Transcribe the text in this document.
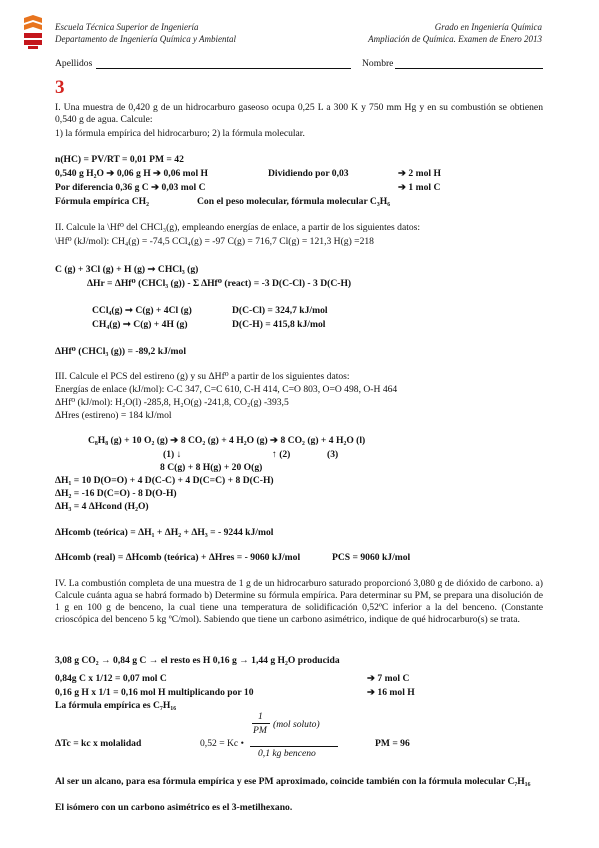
Escuela Técnica Superior de Ingeniería
Departamento de Ingeniería Química y Ambiental
Grado en Ingeniería Química
Ampliación de Química. Examen de Enero 2013
Apellidos	Nombre
3
I. Una muestra de 0,420 g de un hidrocarburo gaseoso ocupa 0,25 L a 300 K y 750 mm Hg y en su combustión se obtienen 0,540 g de agua. Calcule:
1) la fórmula empírica del hidrocarburo; 2) la fórmula molecular.
n(HC) = PV/RT = 0,01 PM = 42
0,540 g H₂O ➔ 0,06 g H ➔ 0,06 mol H	Dividiendo por 0,03	➔ 2 mol H
Por diferencia 0,36 g C ➔ 0,03 mol C	➔ 1 mol C
Fórmula empírica CH₂	Con el peso molecular, fórmula molecular C₃H₆
II. Calcule la \Hf⁰ del CHCl₃(g), empleando energías de enlace, a partir de los siguientes datos:
\Hf⁰ (kJ/mol): CH₄(g) = -74,5 CCl₄(g) = -97 C(g) = 716,7 Cl(g) = 121,3 H(g) =218
C (g) + 3Cl (g) + H (g) ➞ CHCl₃ (g)
ΔHr = ΔHf⁰ (CHCl₃ (g)) - Σ ΔHf⁰ (react) = -3 D(C-Cl) - 3 D(C-H)
CCl₄(g) ➞ C(g) + 4Cl (g)	D(C-Cl) = 324,7 kJ/mol
CH₄(g) ➞ C(g) + 4H (g)	D(C-H) = 415,8 kJ/mol
ΔHf⁰ (CHCl₃ (g)) = -89,2 kJ/mol
III. Calcule el PCS del estireno (g) y su ΔHf⁰ a partir de los siguientes datos:
Energías de enlace (kJ/mol): C-C 347, C=C 610, C-H 414, C=O 803, O=O 498, O-H 464
ΔHf⁰ (kJ/mol): H₂O(l) -285,8, H₂O(g) -241,8, CO₂(g) -393,5
ΔHres (estireno) = 184 kJ/mol
C₈H₈ (g) + 10 O₂ (g) ➔ 8 CO₂ (g) + 4 H₂O (g) ➔ 8 CO₂ (g) + 4 H₂O (l)
(1) ↓	↑ (2)	(3)
8 C(g) + 8 H(g) + 20 O(g)
ΔH₁ = 10 D(O=O) + 4 D(C-C) + 4 D(C=C) + 8 D(C-H)
ΔH₂ = -16 D(C=O) - 8 D(O-H)
ΔH₃ = 4 ΔHcond (H₂O)
ΔHcomb (teórica) = ΔH₁ + ΔH₂ + ΔH₃ = - 9244 kJ/mol
ΔHcomb (real) = ΔHcomb (teórica) + ΔHres = - 9060 kJ/mol	PCS = 9060 kJ/mol
IV. La combustión completa de una muestra de 1 g de un hidrocarburo saturado proporcionó 3,080 g de dióxido de carbono. a) Calcule cuánta agua se habrá formado b) Determine su fórmula empírica. Para determinar su PM, se prepara una disolución de 1 g en 100 g de benceno, la cual tiene una temperatura de solidificación 0,52ºC inferior a la del benceno. (Constante crioscópica del benceno 5 kg ºC/mol). Sabiendo que tiene un carbono asimétrico, indique de qué hidrocarburo(s) se trata.
3,08 g CO₂ → 0,84 g C → el resto es H 0,16 g → 1,44 g H₂O producida
0,84g C x 1/12 = 0,07 mol C	➔ 7 mol C
0,16 g H x 1/1 = 0,16 mol H multiplicando por 10	➔ 16 mol H
La fórmula empírica es C₇H₁₆
ΔTc = kc x molalidad	0,52 = Kc •
1
PM
(mol soluto)
0,1 kg benceno
PM = 96
Al ser un alcano, para esa fórmula empírica y ese PM aproximado, coincide también con la fórmula molecular C₇H₁₆
El isómero con un carbono asimétrico es el 3-metilhexano.
